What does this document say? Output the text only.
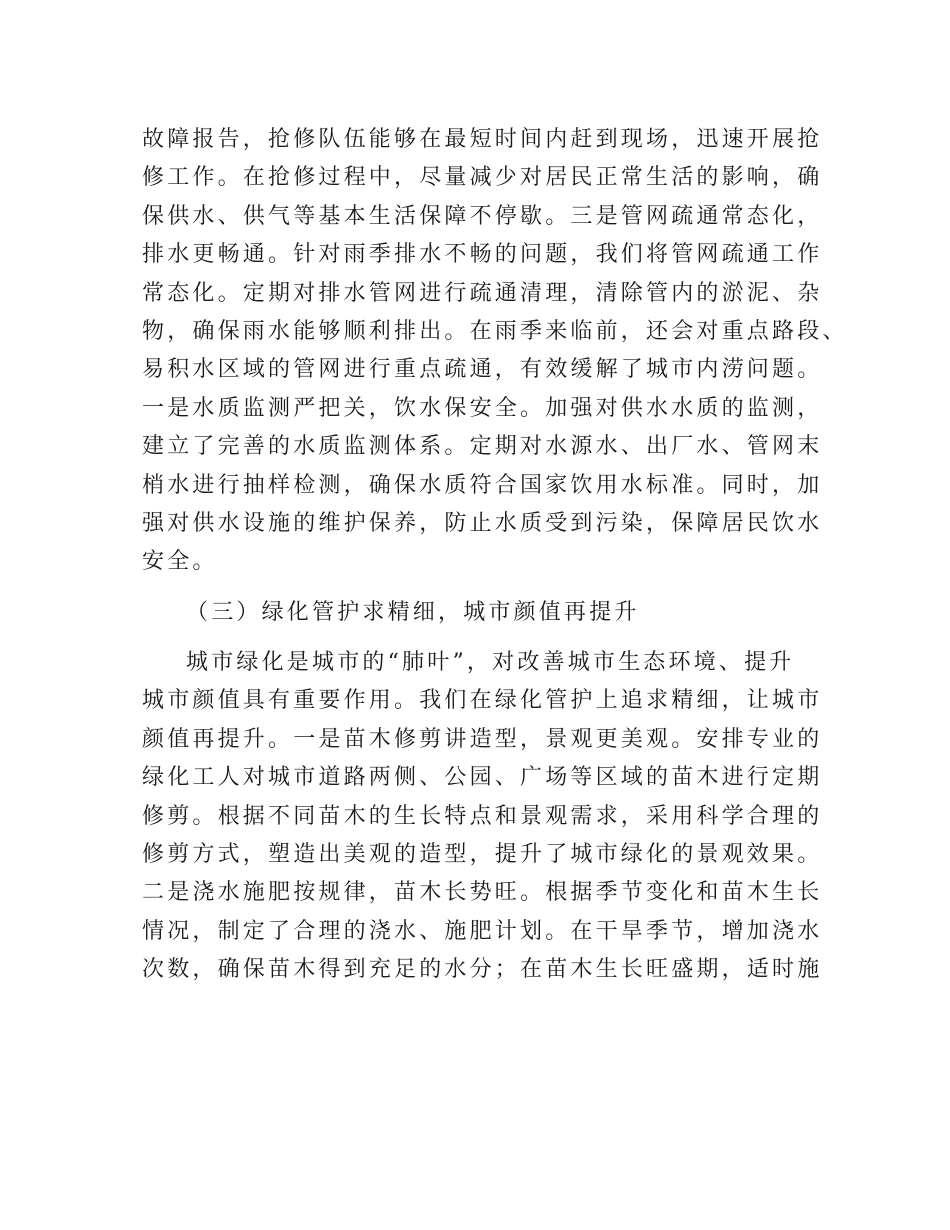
故障报告，抢修队伍能够在最短时间内赶到现场，迅速开展抢
修工作。在抢修过程中，尽量减少对居民正常生活的影响，确
保供水、供气等基本生活保障不停歇。三是管网疏通常态化，
排水更畅通。针对雨季排水不畅的问题，我们将管网疏通工作
常态化。定期对排水管网进行疏通清理，清除管内的淤泥、杂
物，确保雨水能够顺利排出。在雨季来临前，还会对重点路段、
易积水区域的管网进行重点疏通，有效缓解了城市内涝问题。
一是水质监测严把关，饮水保安全。加强对供水水质的监测，
建立了完善的水质监测体系。定期对水源水、出厂水、管网末
梢水进行抽样检测，确保水质符合国家饮用水标准。同时，加
强对供水设施的维护保养，防止水质受到污染，保障居民饮水
安全。
（三）绿化管护求精细，城市颜值再提升
城市绿化是城市的“肺叶”，对改善城市生态环境、提升
城市颜值具有重要作用。我们在绿化管护上追求精细，让城市
颜值再提升。一是苗木修剪讲造型，景观更美观。安排专业的
绿化工人对城市道路两侧、公园、广场等区域的苗木进行定期
修剪。根据不同苗木的生长特点和景观需求，采用科学合理的
修剪方式，塑造出美观的造型，提升了城市绿化的景观效果。
二是浇水施肥按规律，苗木长势旺。根据季节变化和苗木生长
情况，制定了合理的浇水、施肥计划。在干旱季节，增加浇水
次数，确保苗木得到充足的水分；在苗木生长旺盛期，适时施
